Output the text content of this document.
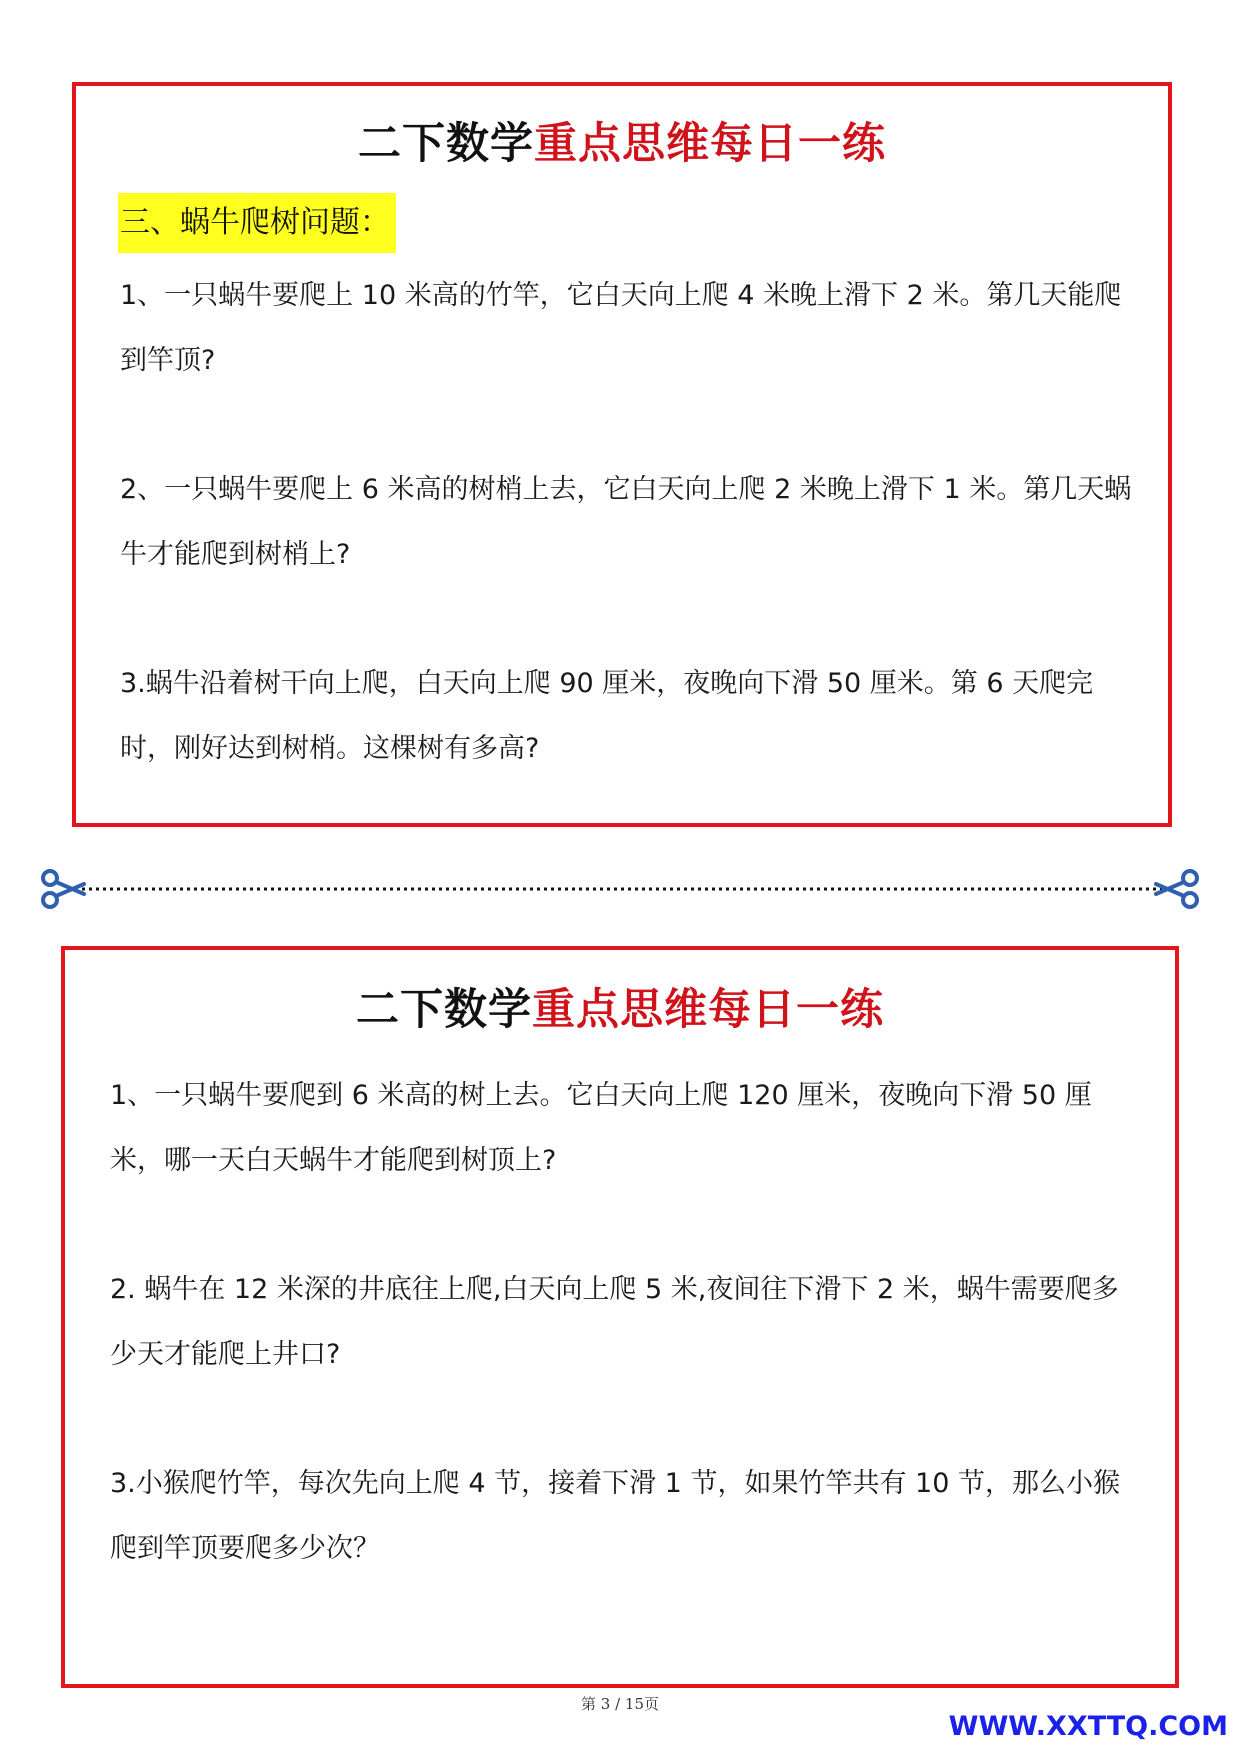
二下数学重点思维每日一练
三、蜗牛爬树问题：
1、一只蜗牛要爬上 10 米高的竹竿，它白天向上爬 4 米晚上滑下 2 米。第几天能爬到竿顶?
2、一只蜗牛要爬上 6 米高的树梢上去，它白天向上爬 2 米晚上滑下 1 米。第几天蜗牛才能爬到树梢上?
3.蜗牛沿着树干向上爬，白天向上爬 90 厘米，夜晚向下滑 50 厘米。第 6 天爬完时，刚好达到树梢。这棵树有多高?
二下数学重点思维每日一练
1、一只蜗牛要爬到 6 米高的树上去。它白天向上爬 120 厘米，夜晚向下滑 50 厘米，哪一天白天蜗牛才能爬到树顶上?
2. 蜗牛在 12 米深的井底往上爬,白天向上爬 5 米,夜间往下滑下 2 米，蜗牛需要爬多少天才能爬上井口?
3.小猴爬竹竿，每次先向上爬 4 节，接着下滑 1 节，如果竹竿共有 10 节，那么小猴爬到竿顶要爬多少次？
第 3 / 15页
WWW.XXTTQ.COM
